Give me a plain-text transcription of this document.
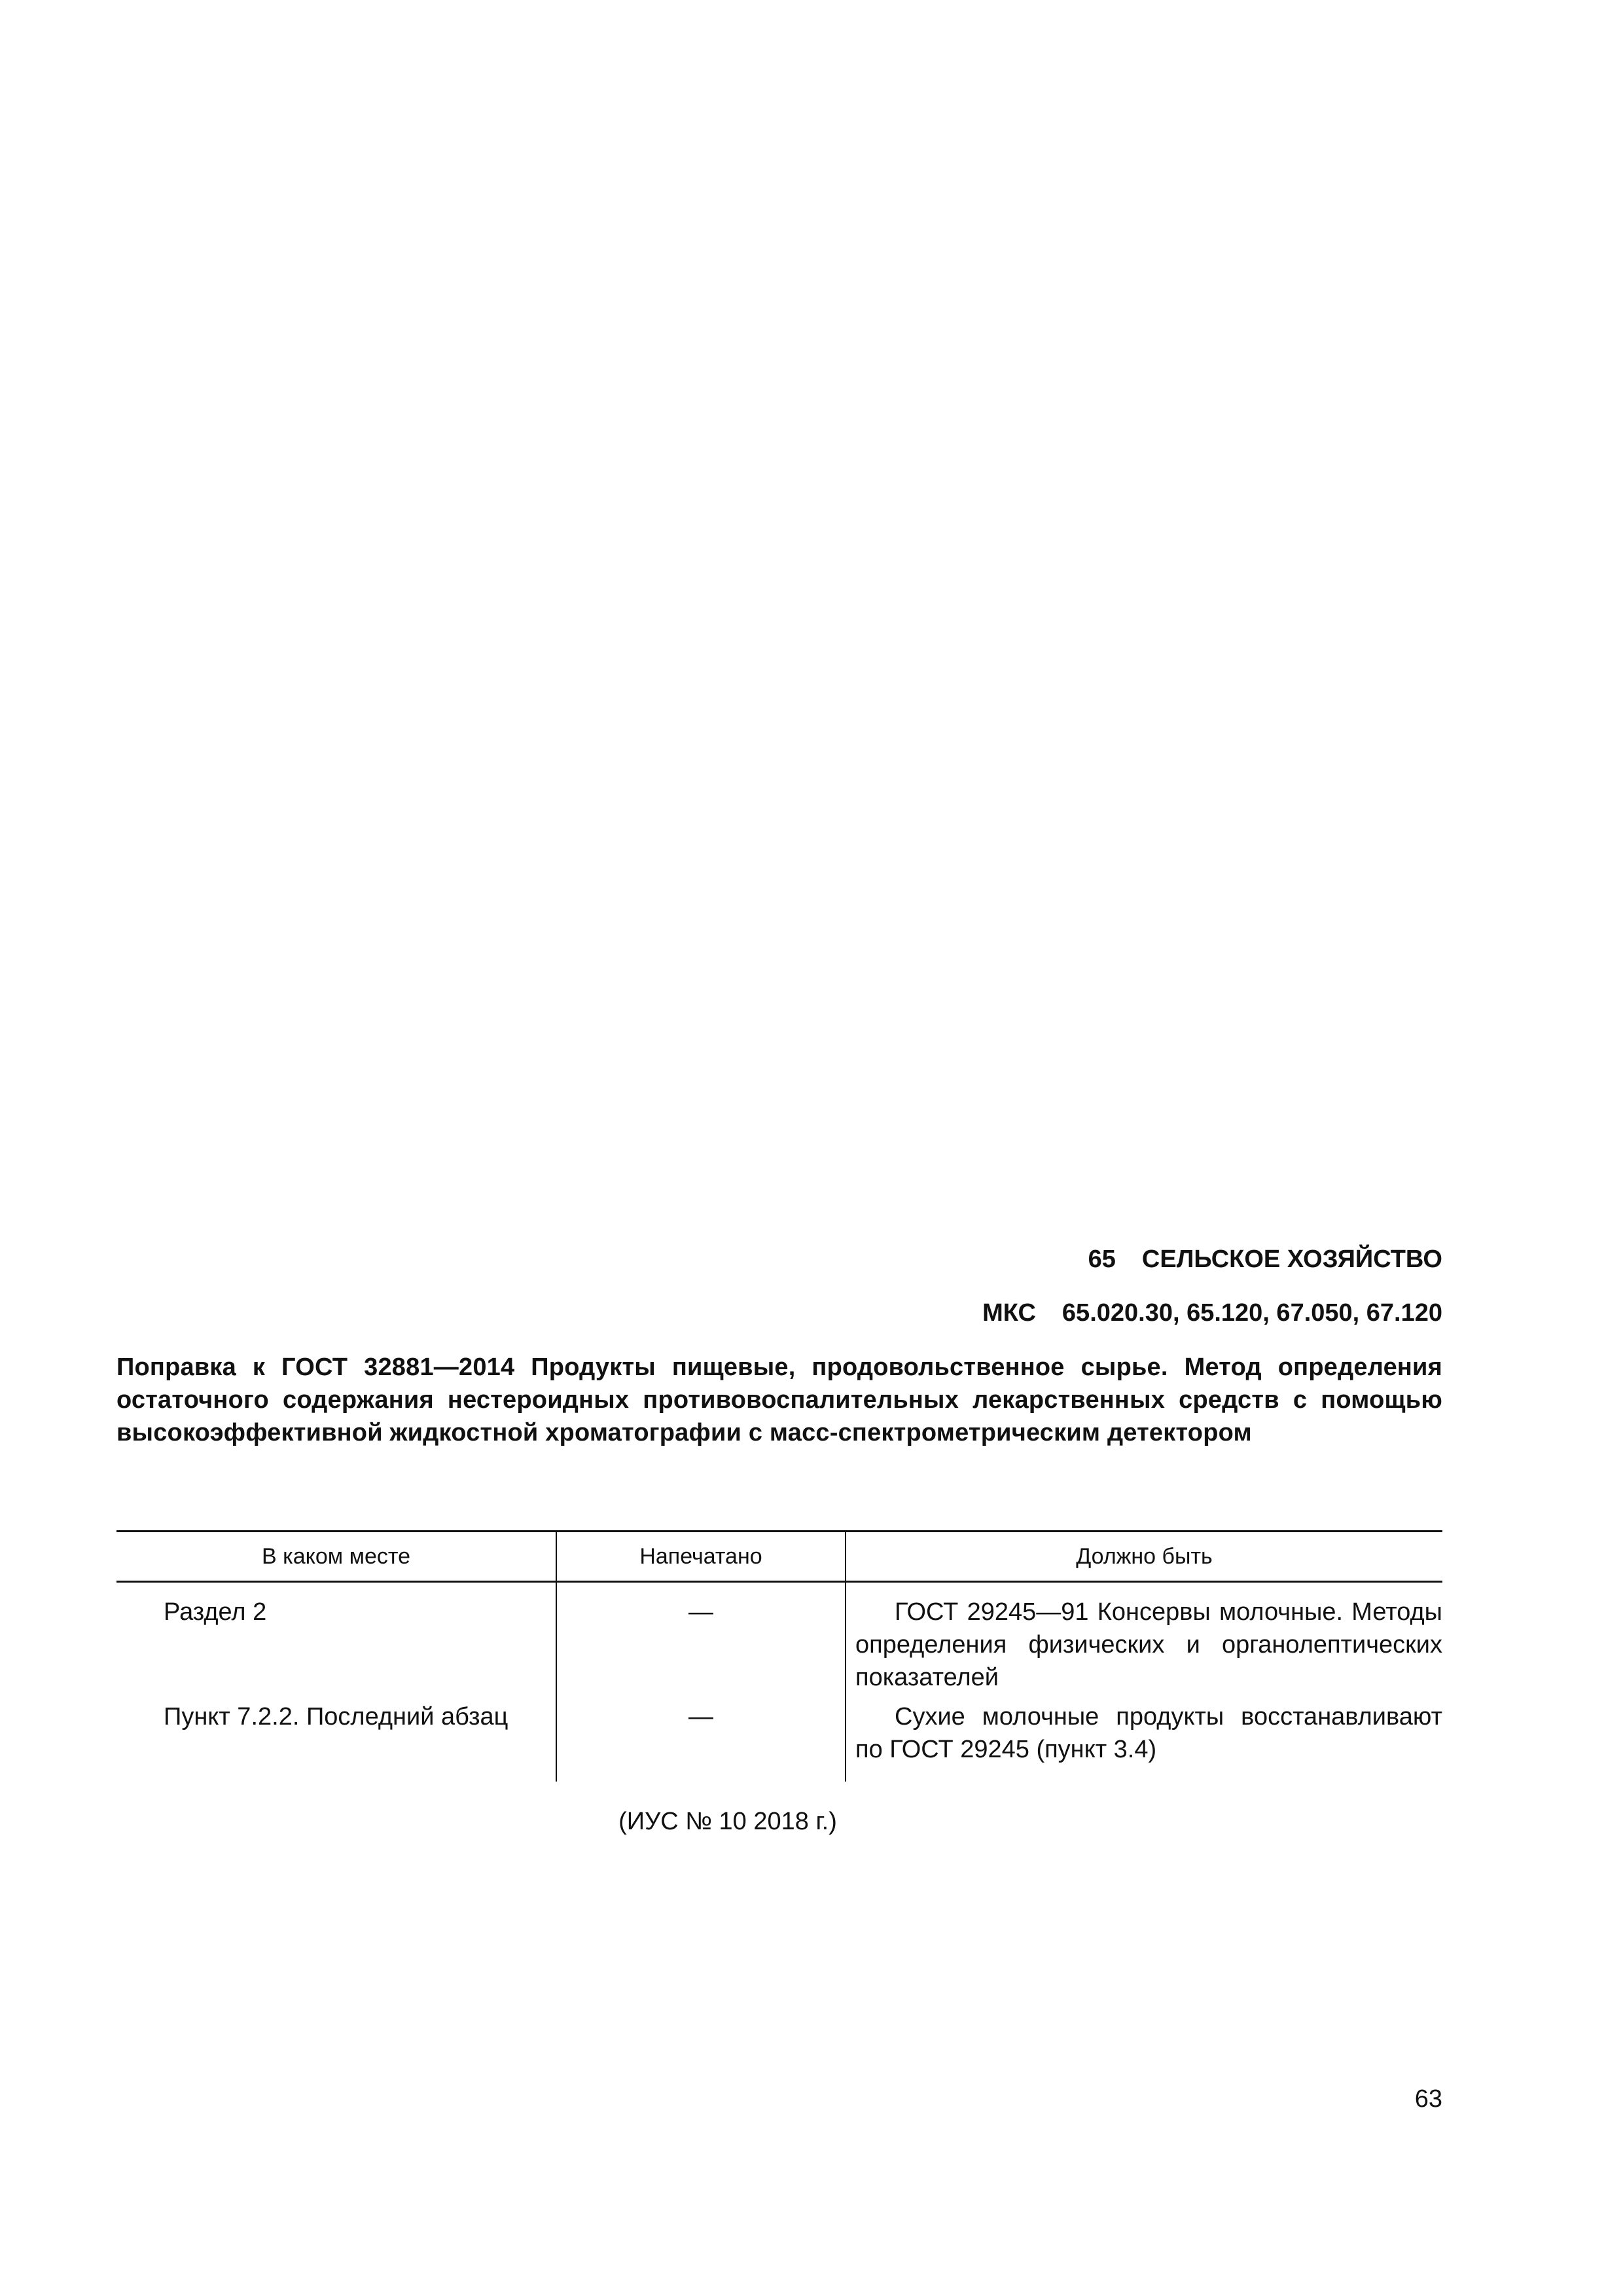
65 СЕЛЬСКОЕ ХОЗЯЙСТВО
МКС 65.020.30, 65.120, 67.050, 67.120
Поправка к ГОСТ 32881—2014 Продукты пищевые, продовольственное сырье. Метод определения остаточного содержания нестероидных противовоспалительных лекарственных средств с помощью высокоэффективной жидкостной хроматографии с масс-спектрометрическим детектором
В каком месте	Напечатано	Должно быть

Раздел 2	—	ГОСТ 29245—91 Консервы молочные. Методы определения физических и органолептических показателей

Пункт 7.2.2. Последний абзац	—	Сухие молочные продукты восстанавливают по ГОСТ 29245 (пункт 3.4)
(ИУС № 10 2018 г.)
63
